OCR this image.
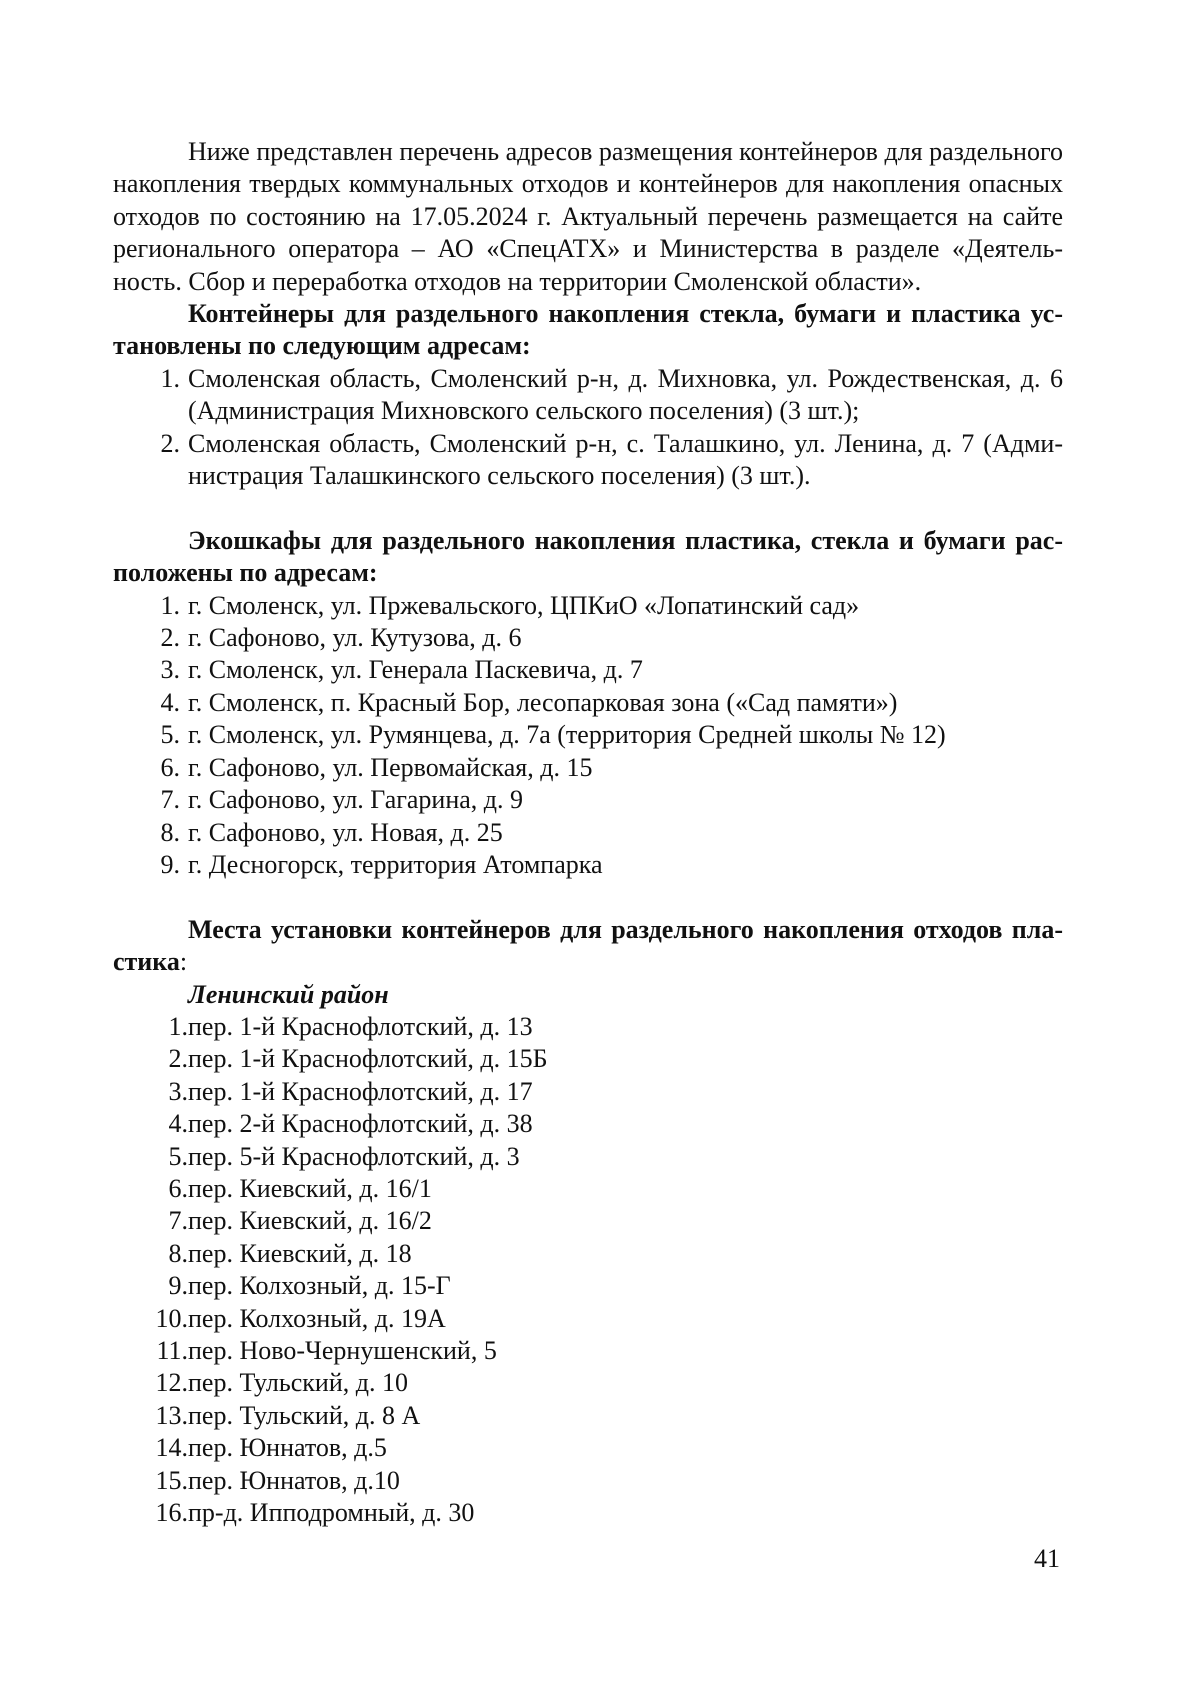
Ниже представлен перечень адресов размещения контейнеров для раздельного накопления твердых коммунальных отходов и контейнеров для накопления опасных отходов по состоянию на 17.05.2024 г. Актуальный перечень размещается на сайте регионального оператора – АО «СпецАТХ» и Министерства в разделе «Деятельность. Сбор и переработка отходов на территории Смоленской области».

Контейнеры для раздельного накопления стекла, бумаги и пластика установлены по следующим адресам:

1. Смоленская область, Смоленский р-н, д. Михновка, ул. Рождественская, д. 6 (Администрация Михновского сельского поселения) (3 шт.);
2. Смоленская область, Смоленский р-н, с. Талашкино, ул. Ленина, д. 7 (Администрация Талашкинского сельского поселения) (3 шт.).

Экошкафы для раздельного накопления пластика, стекла и бумаги расположены по адресам:

1. г. Смоленск, ул. Пржевальского, ЦПКиО «Лопатинский сад»
2. г. Сафоново, ул. Кутузова, д. 6
3. г. Смоленск, ул. Генерала Паскевича, д. 7
4. г. Смоленск, п. Красный Бор, лесопарковая зона («Сад памяти»)
5. г. Смоленск, ул. Румянцева, д. 7а (территория Средней школы № 12)
6. г. Сафоново, ул. Первомайская, д. 15
7. г. Сафоново, ул. Гагарина, д. 9
8. г. Сафоново, ул. Новая, д. 25
9. г. Десногорск, территория Атомпарка

Места установки контейнеров для раздельного накопления отходов пластика:

Ленинский район

1. пер. 1-й Краснофлотский, д. 13
2. пер. 1-й Краснофлотский, д. 15Б
3. пер. 1-й Краснофлотский, д. 17
4. пер. 2-й Краснофлотский, д. 38
5. пер. 5-й Краснофлотский, д. 3
6. пер. Киевский, д. 16/1
7. пер. Киевский, д. 16/2
8. пер. Киевский, д. 18
9. пер. Колхозный, д. 15-Г
10. пер. Колхозный, д. 19А
11. пер. Ново-Чернушенский, 5
12. пер. Тульский, д. 10
13. пер. Тульский, д. 8 А
14. пер. Юннатов, д.5
15. пер. Юннатов, д.10
16. пр-д. Ипподромный, д. 30
41
